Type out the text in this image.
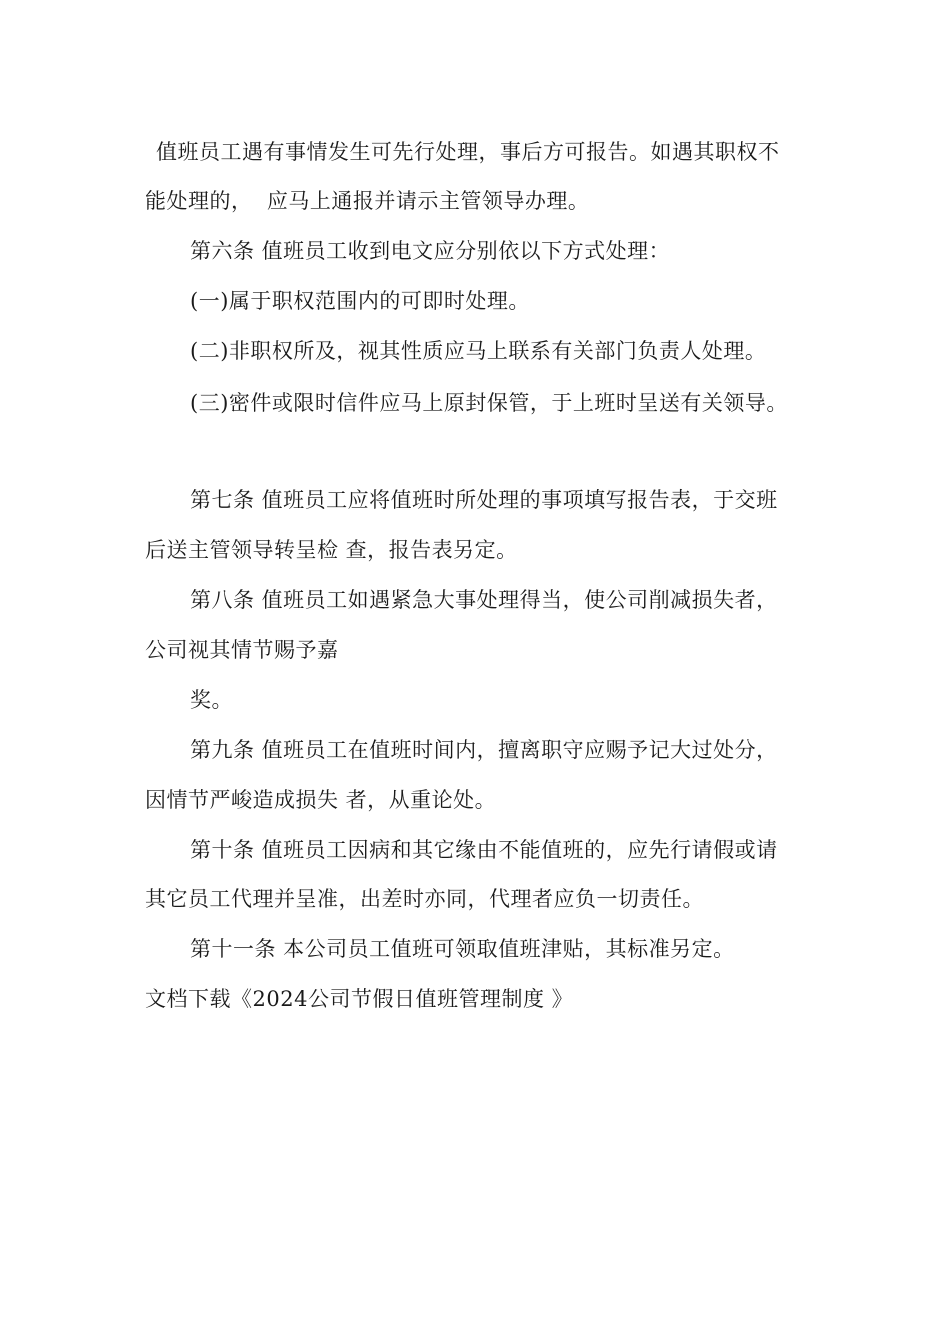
值班员工遇有事情发生可先行处理，事后方可报告。如遇其职权不
能处理的，  应马上通报并请示主管领导办理。
第六条 值班员工收到电文应分别依以下方式处理：
(一)属于职权范围内的可即时处理。
(二)非职权所及，视其性质应马上联系有关部门负责人处理。
(三)密件或限时信件应马上原封保管，于上班时呈送有关领导。
第七条 值班员工应将值班时所处理的事项填写报告表，于交班
后送主管领导转呈检 查，报告表另定。
第八条 值班员工如遇紧急大事处理得当，使公司削减损失者，
公司视其情节赐予嘉
奖。
第九条 值班员工在值班时间内，擅离职守应赐予记大过处分，
因情节严峻造成损失 者，从重论处。
第十条 值班员工因病和其它缘由不能值班的，应先行请假或请
其它员工代理并呈准，出差时亦同，代理者应负一切责任。
第十一条 本公司员工值班可领取值班津贴，其标准另定。
文档下载《2024公司节假日值班管理制度 》
